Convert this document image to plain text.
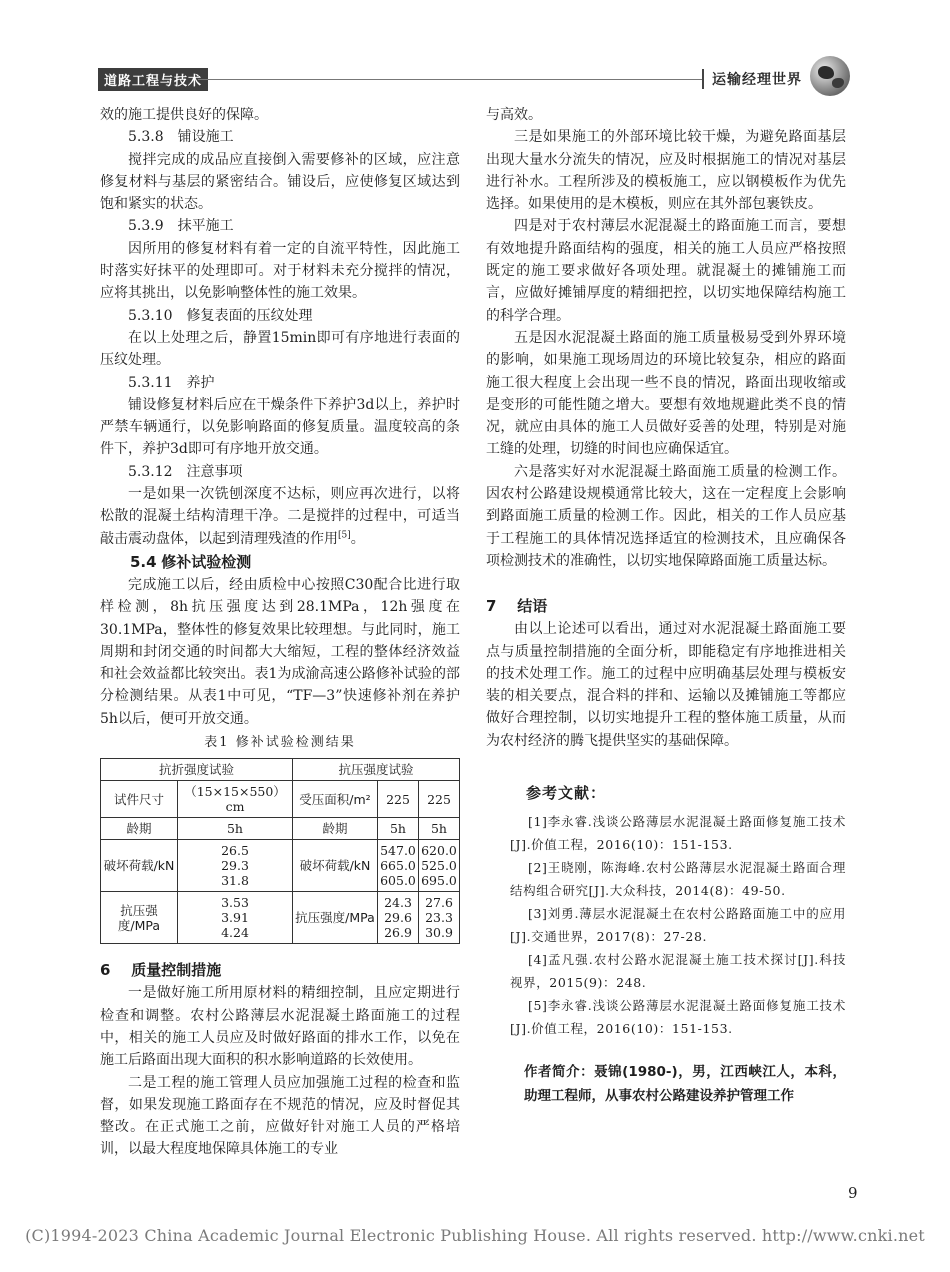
道路工程与技术	运输经理世界

效的施工提供良好的保障。

5.3.8　铺设施工

搅拌完成的成品应直接倒入需要修补的区域，应注意修复材料与基层的紧密结合。铺设后，应使修复区域达到饱和紧实的状态。

5.3.9　抹平施工

因所用的修复材料有着一定的自流平特性，因此施工时落实好抹平的处理即可。对于材料未充分搅拌的情况，应将其挑出，以免影响整体性的施工效果。

5.3.10　修复表面的压纹处理

在以上处理之后，静置15min即可有序地进行表面的压纹处理。

5.3.11　养护

铺设修复材料后应在干燥条件下养护3d以上，养护时严禁车辆通行，以免影响路面的修复质量。温度较高的条件下，养护3d即可有序地开放交通。

5.3.12　注意事项

一是如果一次铣刨深度不达标，则应再次进行，以将松散的混凝土结构清理干净。二是搅拌的过程中，可适当敲击震动盘体，以起到清理残渣的作用[5]。

5.4 修补试验检测

完成施工以后，经由质检中心按照C30配合比进行取样检测，8h抗压强度达到28.1MPa，12h强度在30.1MPa，整体性的修复效果比较理想。与此同时，施工周期和封闭交通的时间都大大缩短，工程的整体经济效益和社会效益都比较突出。表1为成渝高速公路修补试验的部分检测结果。从表1中可见，“TF—3”快速修补剂在养护5h以后，便可开放交通。

表1 修补试验检测结果
抗折强度试验		抗压强度试验		
试件尺寸	（15×15×550）cm	受压面积/m²	225	225
龄期	5h	龄期	5h	5h
破坏荷载/kN	26.5
29.3
31.8	破坏荷载/kN	547.0
665.0
605.0	620.0
525.0
695.0
抗压强度/MPa	3.53
3.91
4.24	抗压强度/MPa	24.3
29.6
26.9	27.6
23.3
30.9

6 质量控制措施

一是做好施工所用原材料的精细控制，且应定期进行检查和调整。农村公路薄层水泥混凝土路面施工的过程中，相关的施工人员应及时做好路面的排水工作，以免在施工后路面出现大面积的积水影响道路的长效使用。

二是工程的施工管理人员应加强施工过程的检查和监督，如果发现施工路面存在不规范的情况，应及时督促其整改。在正式施工之前，应做好针对施工人员的严格培训，以最大程度地保障具体施工的专业

与高效。

三是如果施工的外部环境比较干燥，为避免路面基层出现大量水分流失的情况，应及时根据施工的情况对基层进行补水。工程所涉及的模板施工，应以钢模板作为优先选择。如果使用的是木模板，则应在其外部包裹铁皮。

四是对于农村薄层水泥混凝土的路面施工而言，要想有效地提升路面结构的强度，相关的施工人员应严格按照既定的施工要求做好各项处理。就混凝土的摊铺施工而言，应做好摊铺厚度的精细把控，以切实地保障结构施工的科学合理。

五是因水泥混凝土路面的施工质量极易受到外界环境的影响，如果施工现场周边的环境比较复杂，相应的路面施工很大程度上会出现一些不良的情况，路面出现收缩或是变形的可能性随之增大。要想有效地规避此类不良的情况，就应由具体的施工人员做好妥善的处理，特别是对施工缝的处理，切缝的时间也应确保适宜。

六是落实好对水泥混凝土路面施工质量的检测工作。因农村公路建设规模通常比较大，这在一定程度上会影响到路面施工质量的检测工作。因此，相关的工作人员应基于工程施工的具体情况选择适宜的检测技术，且应确保各项检测技术的准确性，以切实地保障路面施工质量达标。

7 结语

由以上论述可以看出，通过对水泥混凝土路面施工要点与质量控制措施的全面分析，即能稳定有序地推进相关的技术处理工作。施工的过程中应明确基层处理与模板安装的相关要点，混合料的拌和、运输以及摊铺施工等都应做好合理控制，以切实地提升工程的整体施工质量，从而为农村经济的腾飞提供坚实的基础保障。

参考文献：
[1]李永睿.浅谈公路薄层水泥混凝土路面修复施工技术[J].价值工程，2016(10)：151-153.
[2]王晓刚，陈海峰.农村公路薄层水泥混凝土路面合理结构组合研究[J].大众科技，2014(8)：49-50.
[3]刘勇.薄层水泥混凝土在农村公路路面施工中的应用[J].交通世界，2017(8)：27-28.
[4]孟凡强.农村公路水泥混凝土施工技术探讨[J].科技视界，2015(9)：248.
[5]李永睿.浅谈公路薄层水泥混凝土路面修复施工技术[J].价值工程，2016(10)：151-153.
作者简介：聂锦(1980-)，男，江西峡江人，本科，助理工程师，从事农村公路建设养护管理工作
9
(C)1994-2023 China Academic Journal Electronic Publishing House. All rights reserved. http://www.cnki.net
